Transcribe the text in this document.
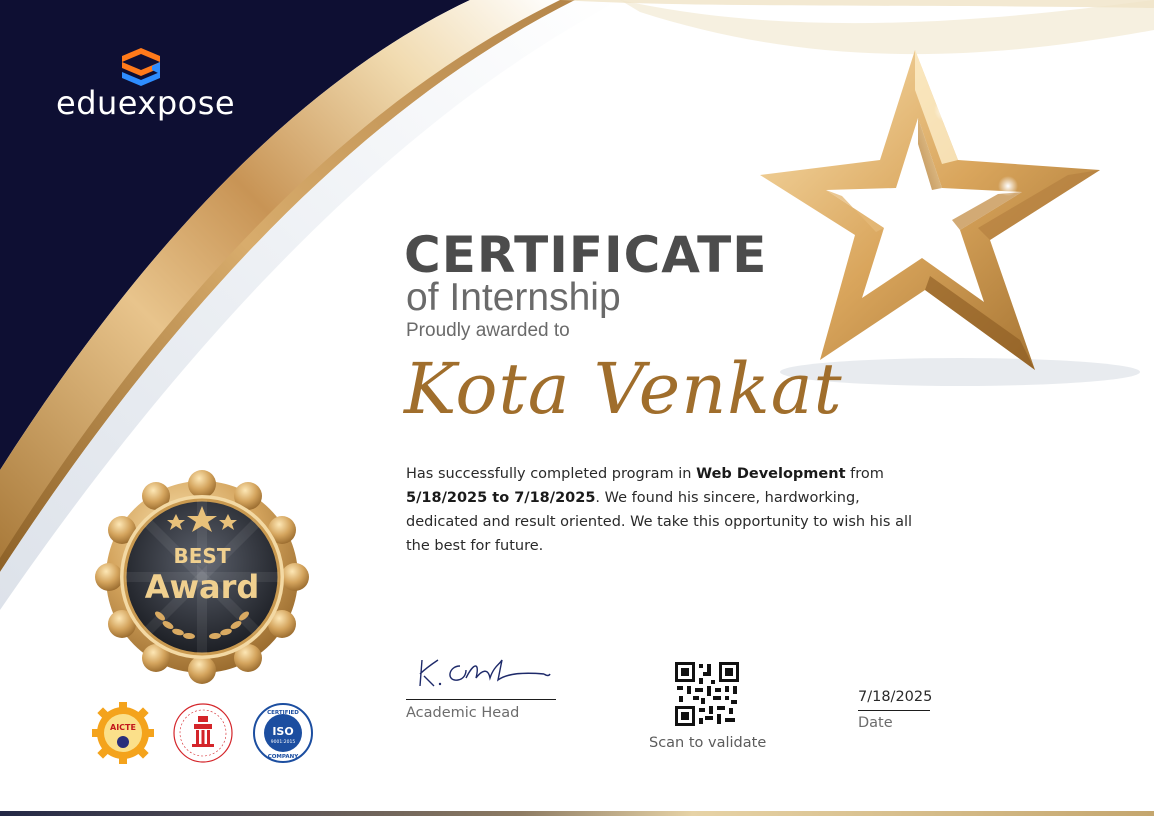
eduexpose
CERTIFICATE
of Internship
Proudly awarded to
Kota Venkat
Has successfully completed program in Web Development from
5/18/2025 to 7/18/2025. We found his sincere, hardworking, dedicated and result oriented. We take this opportunity to wish his all the best for future.
BEST
Award
AICTE
CERTIFIED
ISO
9001:2015
COMPANY
Academic Head
Scan to validate
7/18/2025
Date
